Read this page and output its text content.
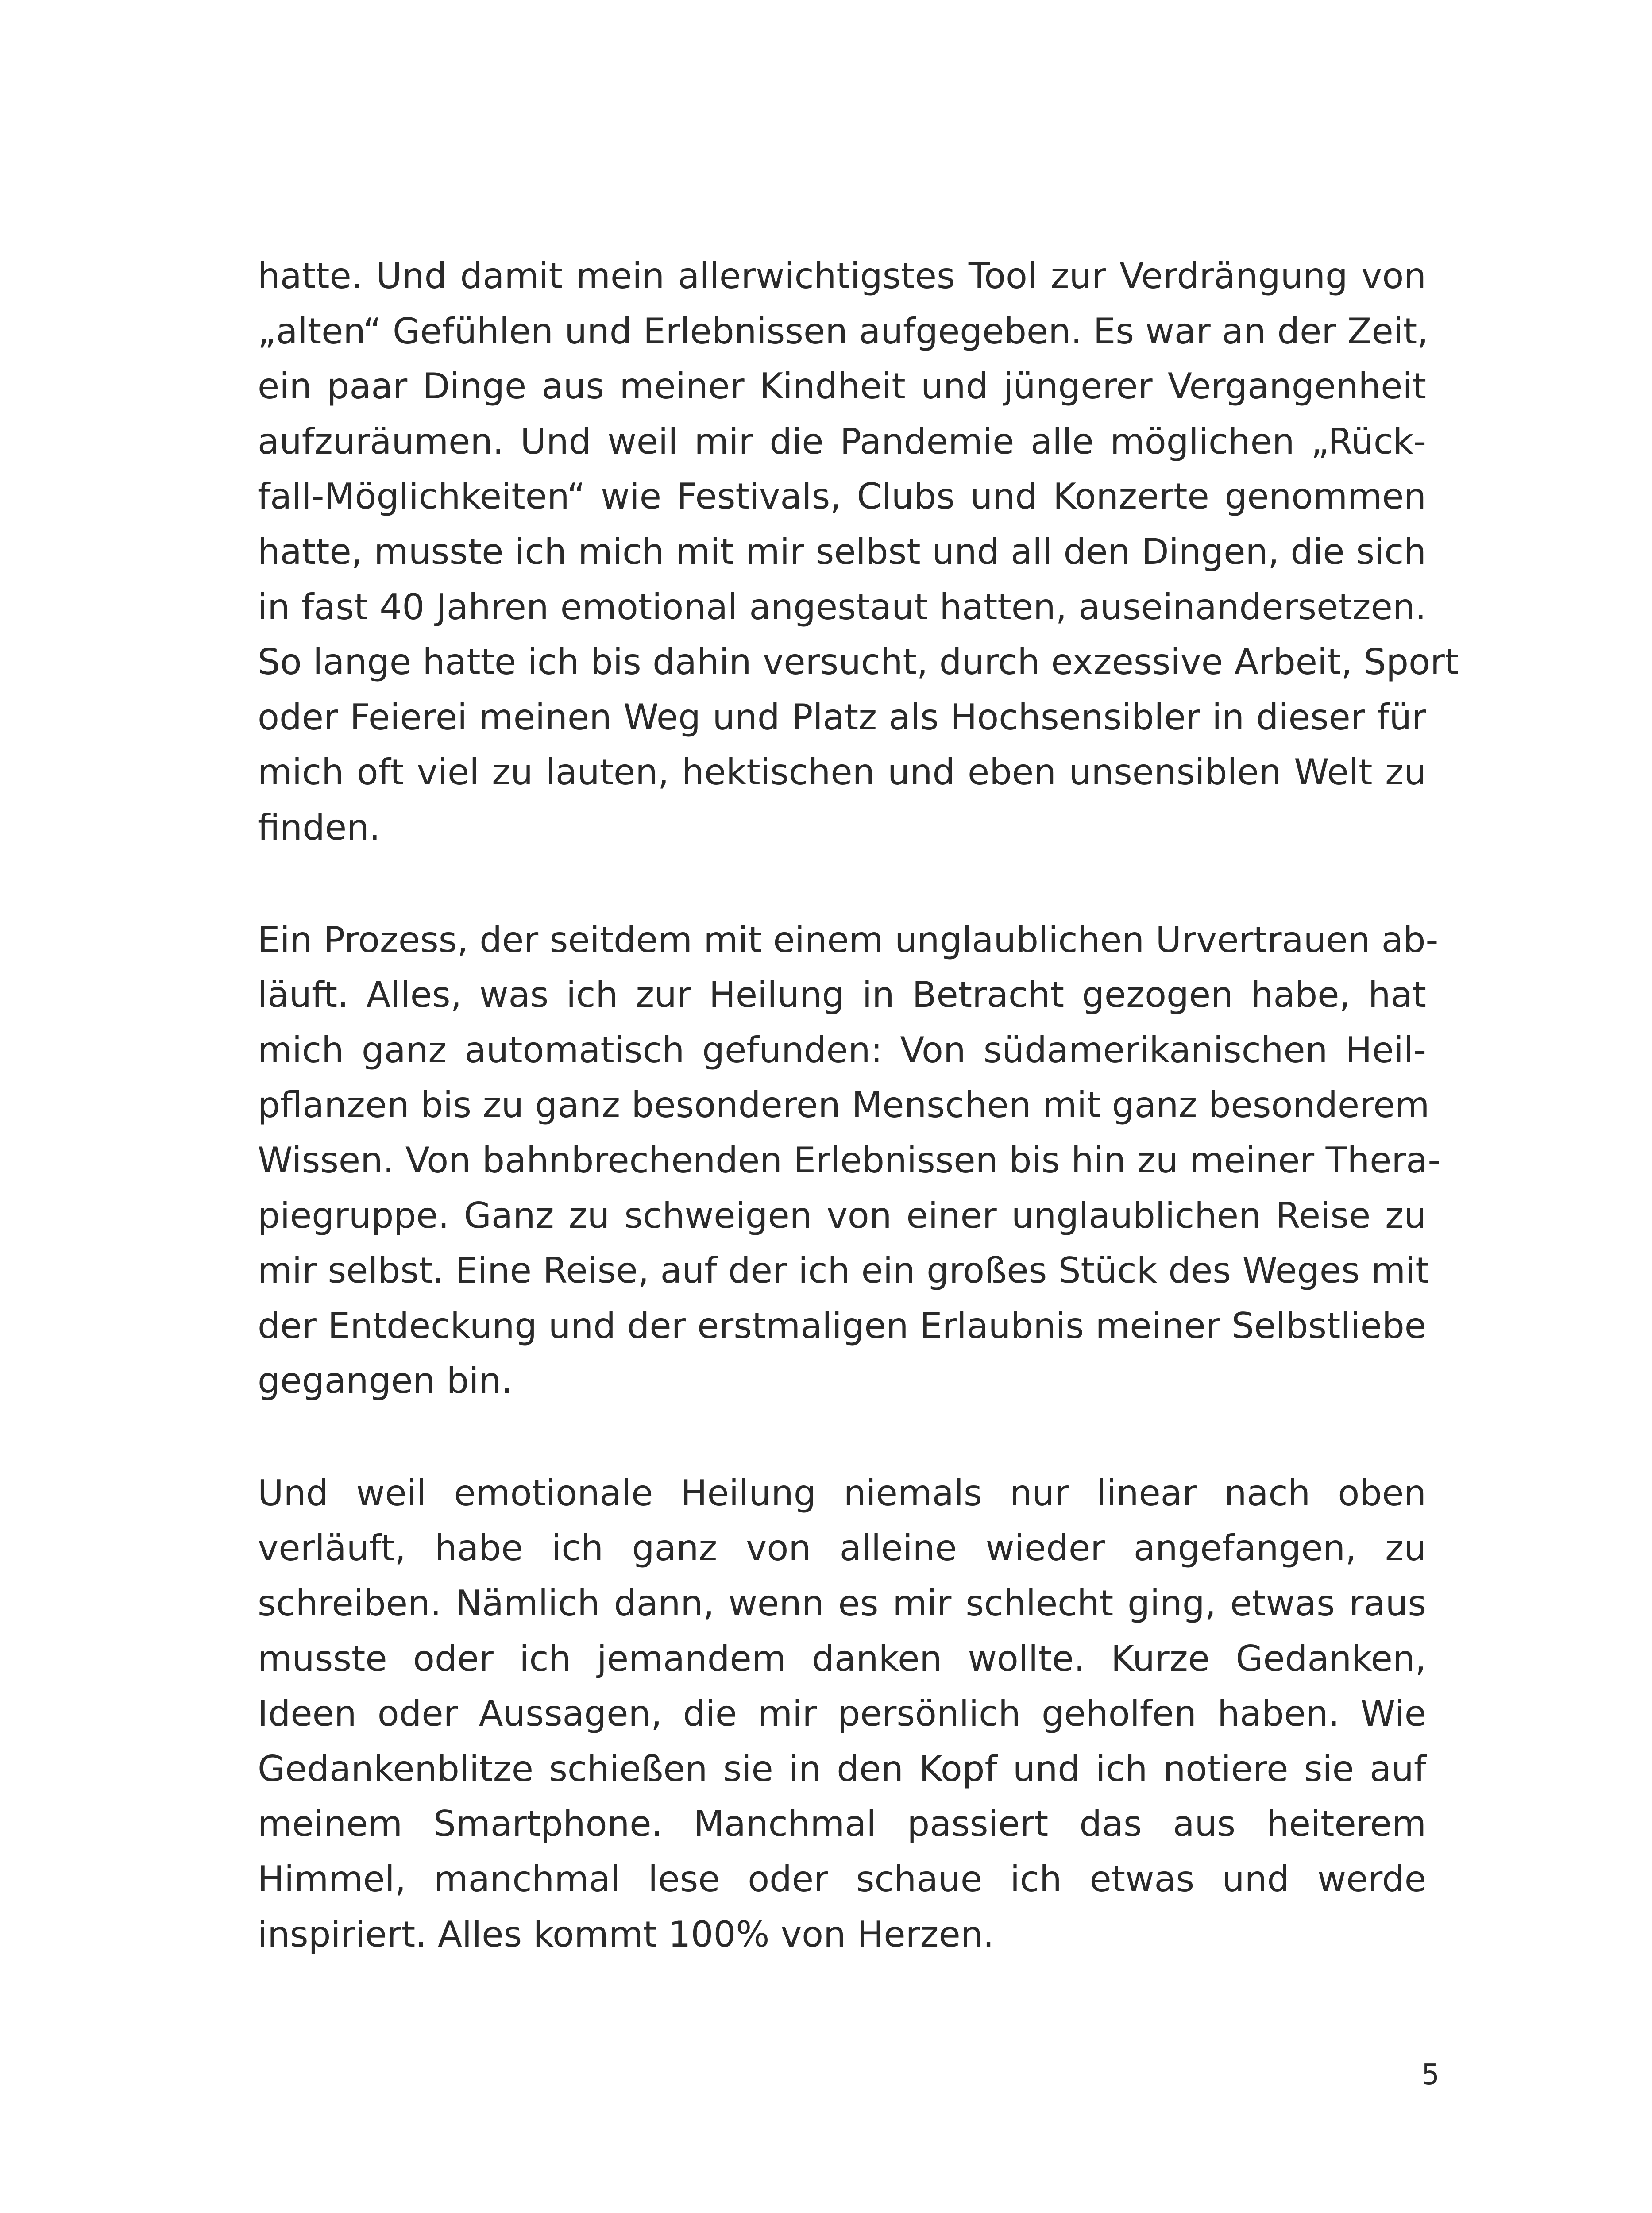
hatte. Und damit mein allerwichtigstes Tool zur Verdrängung von
„alten“ Gefühlen und Erlebnissen aufgegeben. Es war an der Zeit,
ein paar Dinge aus meiner Kindheit und jüngerer Vergangenheit
aufzuräumen. Und weil mir die Pandemie alle möglichen „Rück-
fall-Möglichkeiten“ wie Festivals, Clubs und Konzerte genommen
hatte, musste ich mich mit mir selbst und all den Dingen, die sich
in fast 40 Jahren emotional angestaut hatten, auseinandersetzen.
So lange hatte ich bis dahin versucht, durch exzessive Arbeit, Sport
oder Feierei meinen Weg und Platz als Hochsensibler in dieser für
mich oft viel zu lauten, hektischen und eben unsensiblen Welt zu
finden.
Ein Prozess, der seitdem mit einem unglaublichen Urvertrauen ab-
läuft. Alles, was ich zur Heilung in Betracht gezogen habe, hat
mich ganz automatisch gefunden: Von südamerikanischen Heil-
pflanzen bis zu ganz besonderen Menschen mit ganz besonderem
Wissen. Von bahnbrechenden Erlebnissen bis hin zu meiner Thera-
piegruppe. Ganz zu schweigen von einer unglaublichen Reise zu
mir selbst. Eine Reise, auf der ich ein großes Stück des Weges mit
der Entdeckung und der erstmaligen Erlaubnis meiner Selbstliebe
gegangen bin.
Und weil emotionale Heilung niemals nur linear nach oben
verläuft, habe ich ganz von alleine wieder angefangen, zu
schreiben. Nämlich dann, wenn es mir schlecht ging, etwas raus
musste oder ich jemandem danken wollte. Kurze Gedanken,
Ideen oder Aussagen, die mir persönlich geholfen haben. Wie
Gedankenblitze schießen sie in den Kopf und ich notiere sie auf
meinem Smartphone. Manchmal passiert das aus heiterem
Himmel, manchmal lese oder schaue ich etwas und werde
inspiriert. Alles kommt 100% von Herzen.
5
